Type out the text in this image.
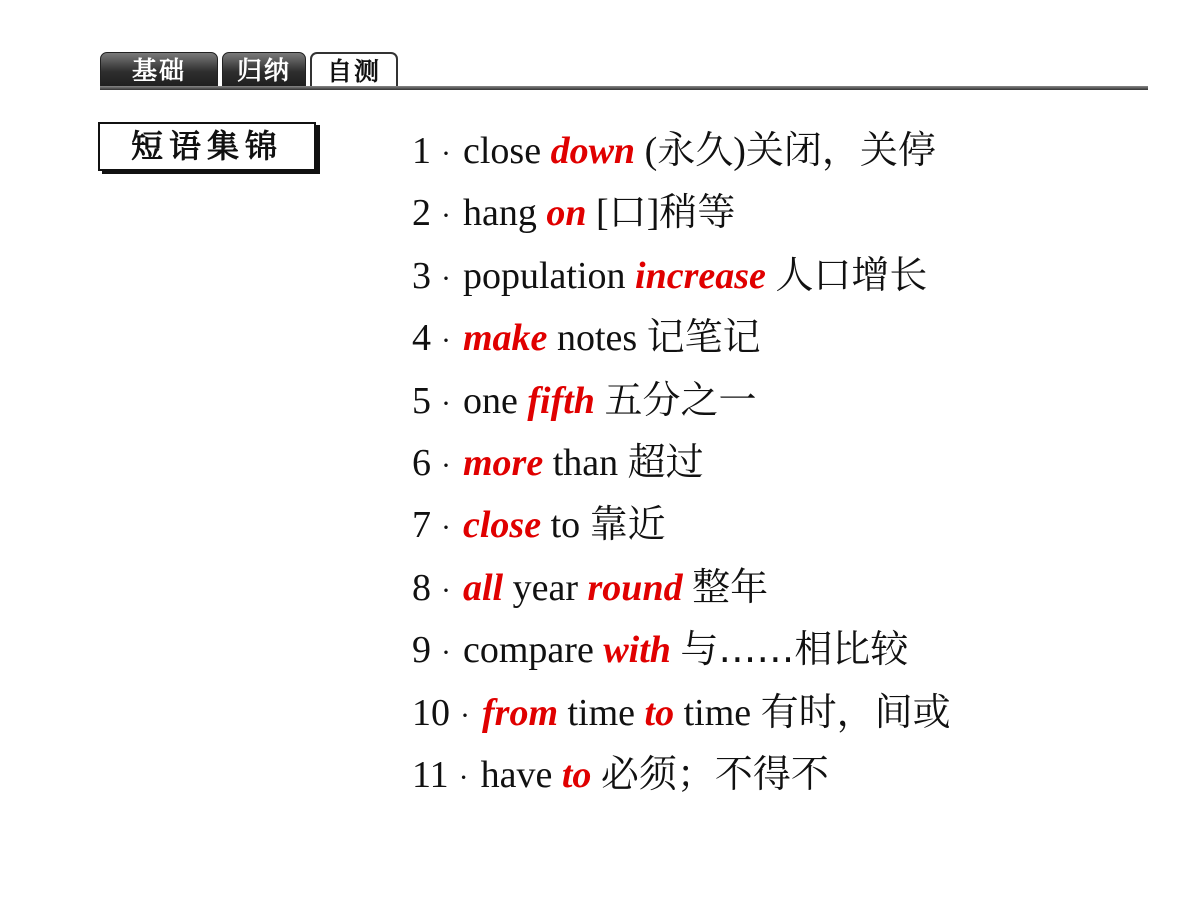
基础	归纳	自测
短语集锦	1 · close down (永久)关闭，关停
2 · hang on [口]稍等
3 · population increase 人口增长
4 · make notes 记笔记
5 · one fifth 五分之一
6 · more than 超过
7 · close to 靠近
8 · all year round 整年
9 · compare with 与……相比较
10 · from time to time 有时，间或
11 · have to 必须；不得不
